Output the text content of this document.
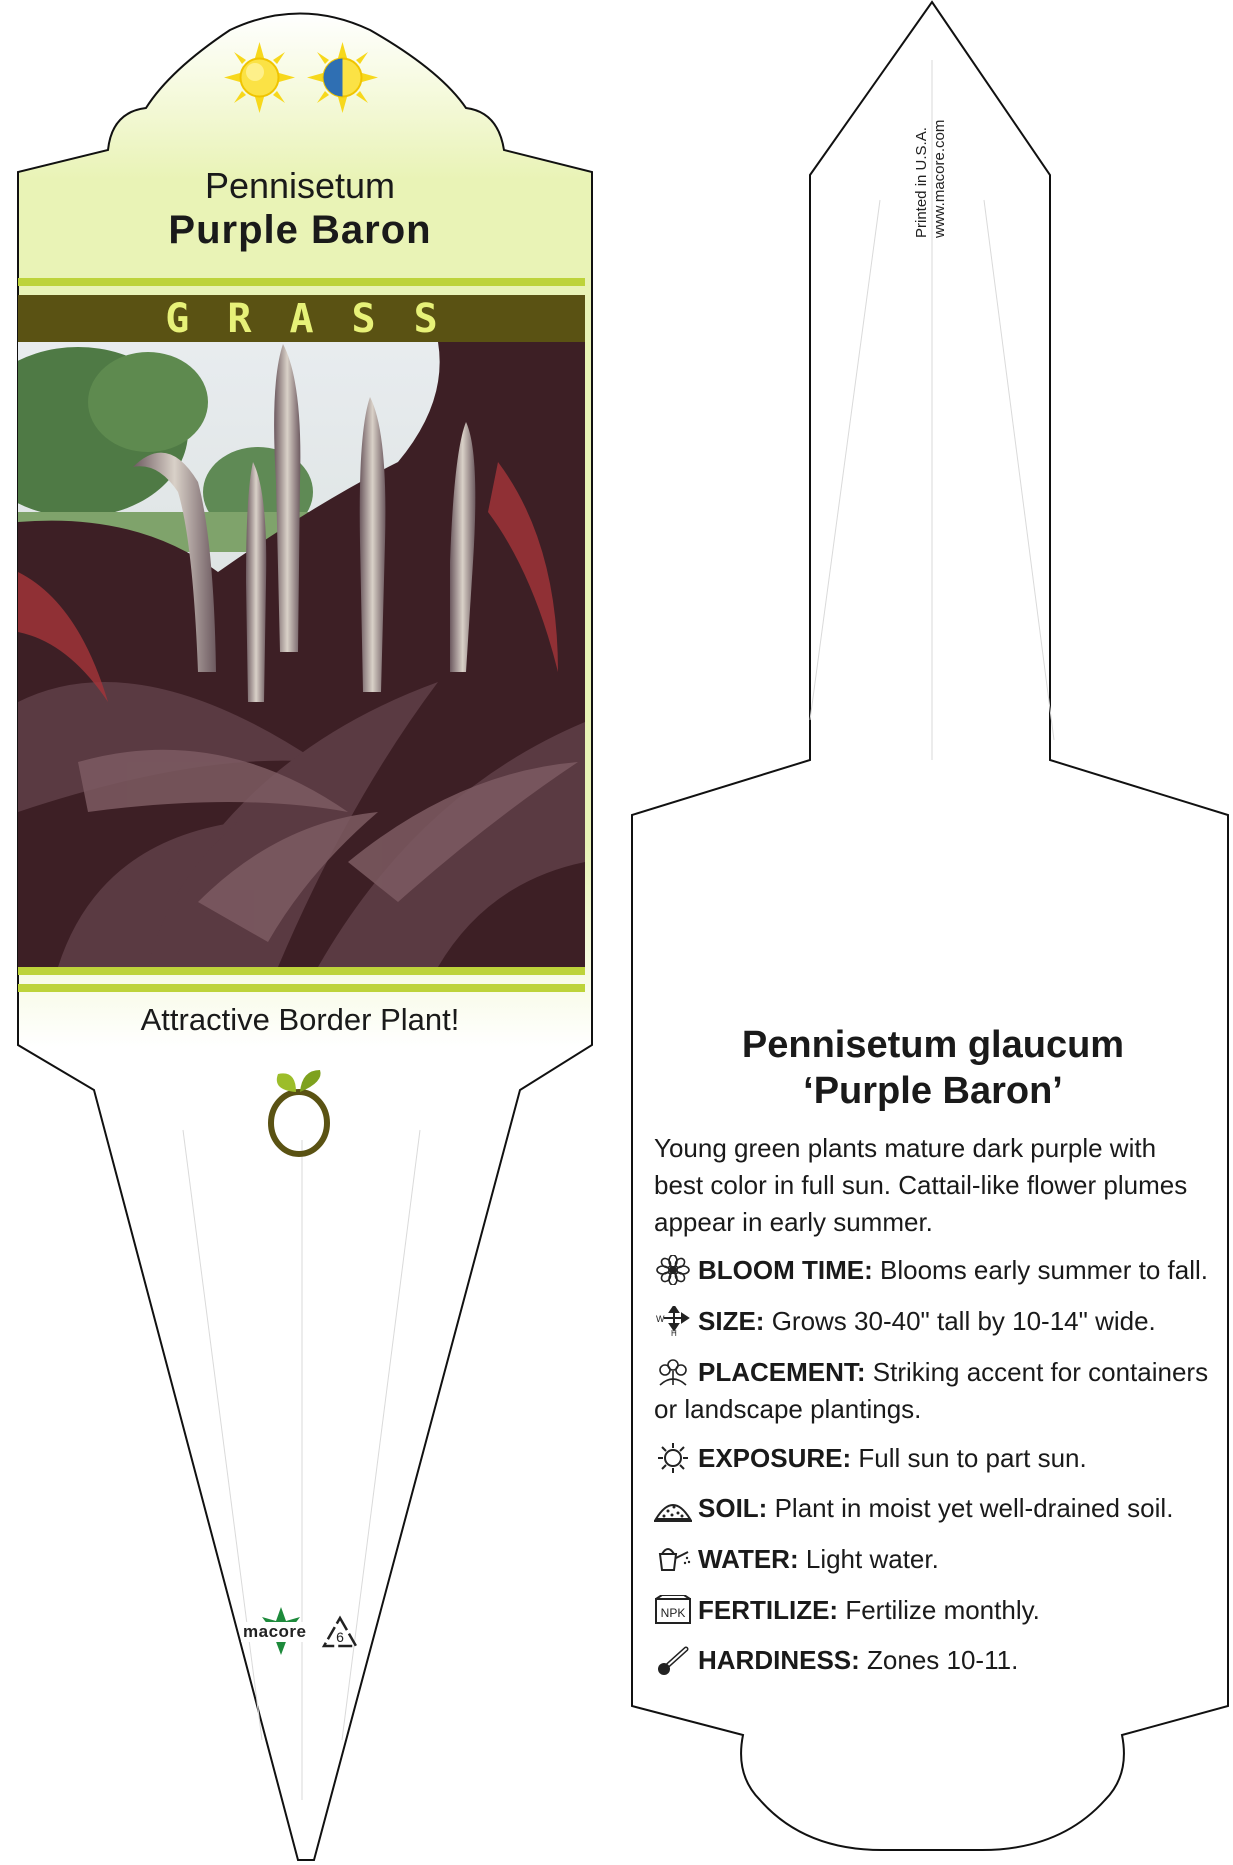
Pennisetum
Purple Baron
GRASS
Attractive Border Plant!
macore 6
Printed in U.S.A. www.macore.com
Pennisetum glaucum
‘Purple Baron’
Young green plants mature dark purple with best color in full sun. Cattail-like flower plumes appear in early summer.
BLOOM TIME: Blooms early summer to fall.
W
H SIZE: Grows 30-40" tall by 10-14" wide.
PLACEMENT: Striking accent for containers or landscape plantings.
EXPOSURE: Full sun to part sun.
SOIL: Plant in moist yet well-drained soil.
WATER: Light water.
NPK FERTILIZE: Fertilize monthly.
HARDINESS: Zones 10-11.
